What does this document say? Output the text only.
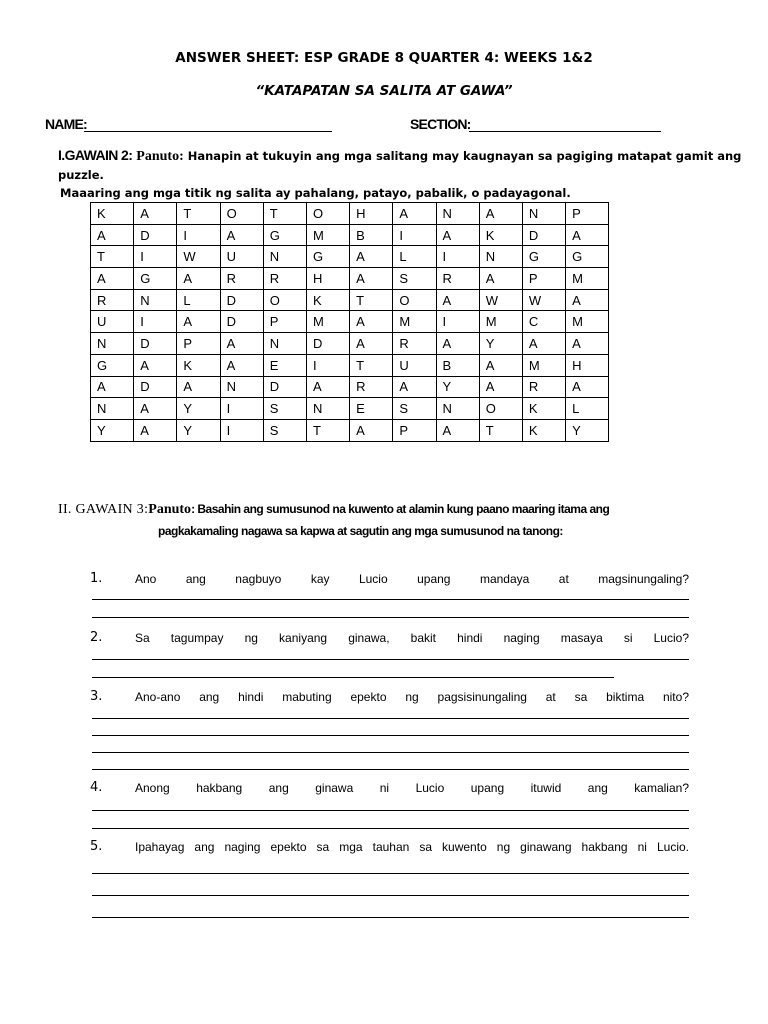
ANSWER SHEET: ESP GRADE 8 QUARTER 4: WEEKS 1&2
“KATAPATAN SA SALITA AT GAWA”
NAME:	SECTION:
I.GAWAIN 2: Panuto: Hanapin at tukuyin ang mga salitang may kaugnayan sa pagiging matapat gamit ang puzzle.
Maaaring ang mga titik ng salita ay pahalang, patayo, pabalik, o padayagonal.
K	A	T	O	T	O	H	A	N	A	N	P
A	D	I	A	G	M	B	I	A	K	D	A
T	I	W	U	N	G	A	L	I	N	G	G
A	G	A	R	R	H	A	S	R	A	P	M
R	N	L	D	O	K	T	O	A	W	W	A
U	I	A	D	P	M	A	M	I	M	C	M
N	D	P	A	N	D	A	R	A	Y	A	A
G	A	K	A	E	I	T	U	B	A	M	H
A	D	A	N	D	A	R	A	Y	A	R	A
N	A	Y	I	S	N	E	S	N	O	K	L
Y	A	Y	I	S	T	A	P	A	T	K	Y
II. GAWAIN 3:Panuto: Basahin ang sumusunod na kuwento at alamin kung paano maaring itama ang
pagkakamaling nagawa sa kapwa at sagutin ang mga sumusunod na tanong:
1.	Ano ang nagbuyo kay Lucio upang mandaya at magsinungaling?
2.	Sa tagumpay ng kaniyang ginawa, bakit hindi naging masaya si Lucio?
3.	Ano-ano ang hindi mabuting epekto ng pagsisinungaling at sa biktima nito?
4.	Anong hakbang ang ginawa ni Lucio upang ituwid ang kamalian?
5.	Ipahayag ang naging epekto sa mga tauhan sa kuwento ng ginawang hakbang ni Lucio.
